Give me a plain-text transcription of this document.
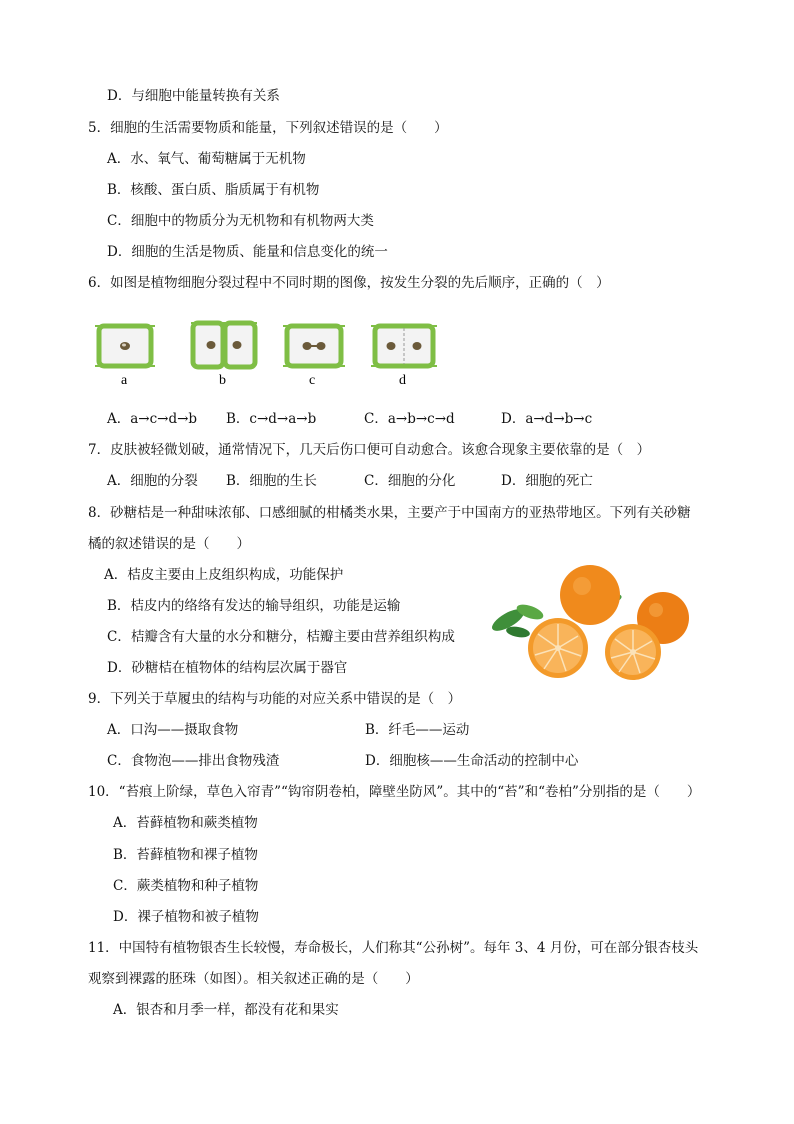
D．与细胞中能量转换有关系
5．细胞的生活需要物质和能量，下列叙述错误的是（　　）
A．水、氧气、葡萄糖属于无机物
B．核酸、蛋白质、脂质属于有机物
C．细胞中的物质分为无机物和有机物两大类
D．细胞的生活是物质、能量和信息变化的统一
6．如图是植物细胞分裂过程中不同时期的图像，按发生分裂的先后顺序，正确的（　）
a	b	c	d
A．a→c→d→b B．c→d→a→b	C．a→b→c→d	D．a→d→b→c
7．皮肤被轻微划破，通常情况下，几天后伤口便可自动愈合。该愈合现象主要依靠的是（　）
A．细胞的分裂 B．细胞的生长	C．细胞的分化	D．细胞的死亡
8．砂糖桔是一种甜味浓郁、口感细腻的柑橘类水果，主要产于中国南方的亚热带地区。下列有关砂糖
橘的叙述错误的是（　　）
A．桔皮主要由上皮组织构成，功能保护
B．桔皮内的络络有发达的输导组织，功能是运输
C．桔瓣含有大量的水分和糖分，桔瓣主要由营养组织构成
D．砂糖桔在植物体的结构层次属于器官
9．下列关于草履虫的结构与功能的对应关系中错误的是（　）
A．口沟——摄取食物	B．纤毛——运动
C．食物泡——排出食物残渣	D．细胞核——生命活动的控制中心
10．“苔痕上阶绿，草色入帘青”“钩帘阴卷柏，障壁坐防风”。其中的“苔”和“卷柏”分别指的是（　　）
A．苔藓植物和蕨类植物
B．苔藓植物和裸子植物
C．蕨类植物和种子植物
D．裸子植物和被子植物
11．中国特有植物银杏生长较慢，寿命极长，人们称其“公孙树”。每年 3、4 月份，可在部分银杏枝头
观察到裸露的胚珠（如图）。相关叙述正确的是（　　）
A．银杏和月季一样，都没有花和果实
